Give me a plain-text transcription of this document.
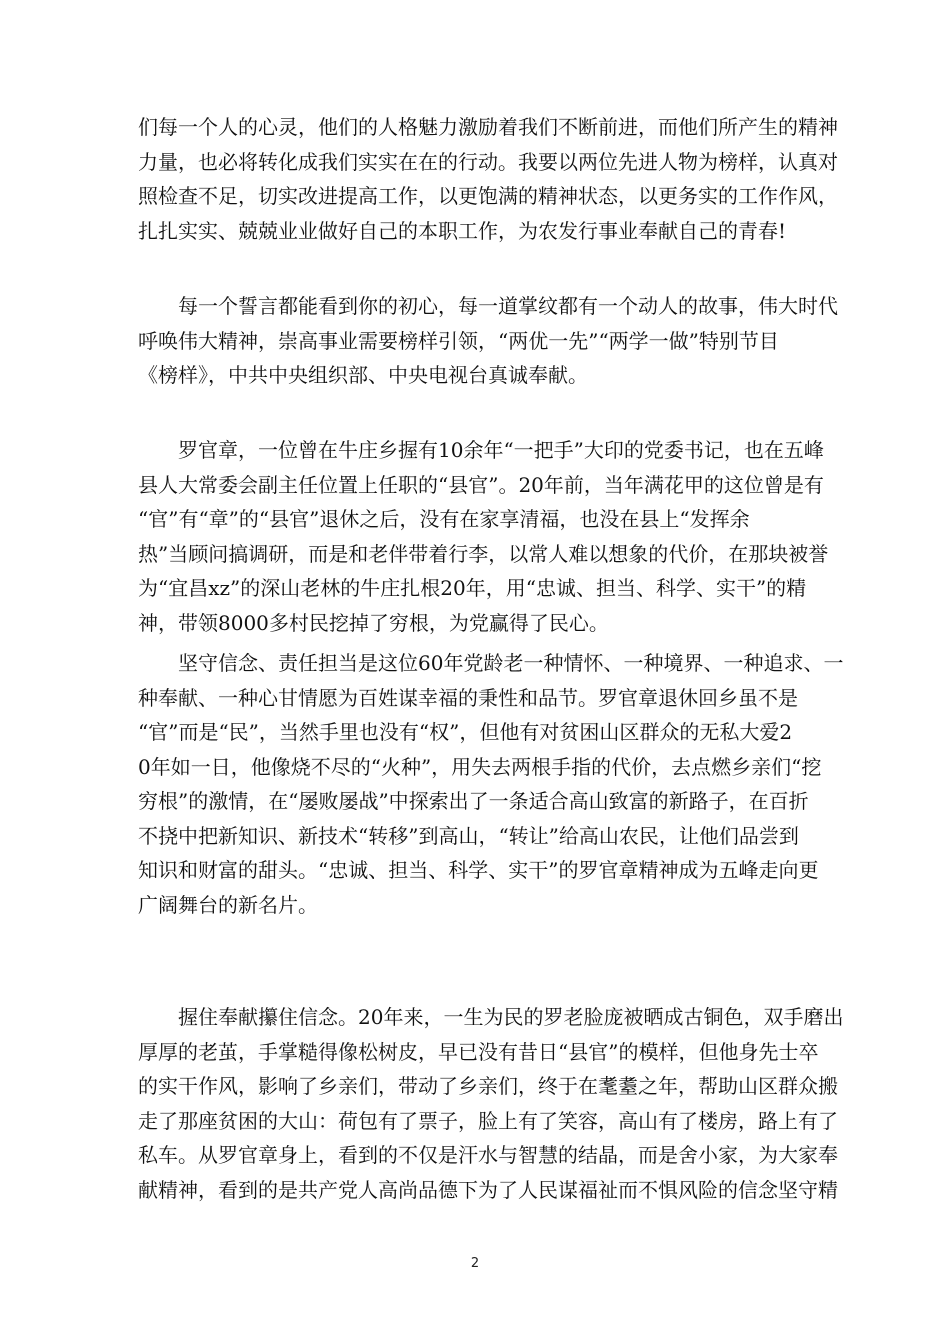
们每一个人的心灵，他们的人格魅力激励着我们不断前进，而他们所产生的精神
力量，也必将转化成我们实实在在的行动。我要以两位先进人物为榜样，认真对
照检查不足，切实改进提高工作，以更饱满的精神状态，以更务实的工作作风，
扎扎实实、兢兢业业做好自己的本职工作，为农发行事业奉献自己的青春!
每一个誓言都能看到你的初心，每一道掌纹都有一个动人的故事，伟大时代
呼唤伟大精神，崇高事业需要榜样引领，“两优一先”“两学一做”特别节目
《榜样》，中共中央组织部、中央电视台真诚奉献。
罗官章，一位曾在牛庄乡握有10余年“一把手”大印的党委书记，也在五峰
县人大常委会副主任位置上任职的“县官”。20年前，当年满花甲的这位曾是有
“官”有“章”的“县官”退休之后，没有在家享清福，也没在县上“发挥余
热”当顾问搞调研，而是和老伴带着行李，以常人难以想象的代价，在那块被誉
为“宜昌xz”的深山老林的牛庄扎根20年，用“忠诚、担当、科学、实干”的精
神，带领8000多村民挖掉了穷根，为党赢得了民心。
坚守信念、责任担当是这位60年党龄老一种情怀、一种境界、一种追求、一
种奉献、一种心甘情愿为百姓谋幸福的秉性和品节。罗官章退休回乡虽不是
“官”而是“民”，当然手里也没有“权”，但他有对贫困山区群众的无私大爱2
0年如一日，他像烧不尽的“火种”，用失去两根手指的代价，去点燃乡亲们“挖
穷根”的激情，在“屡败屡战”中探索出了一条适合高山致富的新路子，在百折
不挠中把新知识、新技术“转移”到高山，“转让”给高山农民，让他们品尝到
知识和财富的甜头。“忠诚、担当、科学、实干”的罗官章精神成为五峰走向更
广阔舞台的新名片。
握住奉献攥住信念。20年来，一生为民的罗老脸庞被晒成古铜色，双手磨出
厚厚的老茧，手掌糙得像松树皮，早已没有昔日“县官”的模样，但他身先士卒
的实干作风，影响了乡亲们，带动了乡亲们，终于在耄耋之年，帮助山区群众搬
走了那座贫困的大山：荷包有了票子，脸上有了笑容，高山有了楼房，路上有了
私车。从罗官章身上，看到的不仅是汗水与智慧的结晶，而是舍小家，为大家奉
献精神，看到的是共产党人高尚品德下为了人民谋福祉而不惧风险的信念坚守精
2
